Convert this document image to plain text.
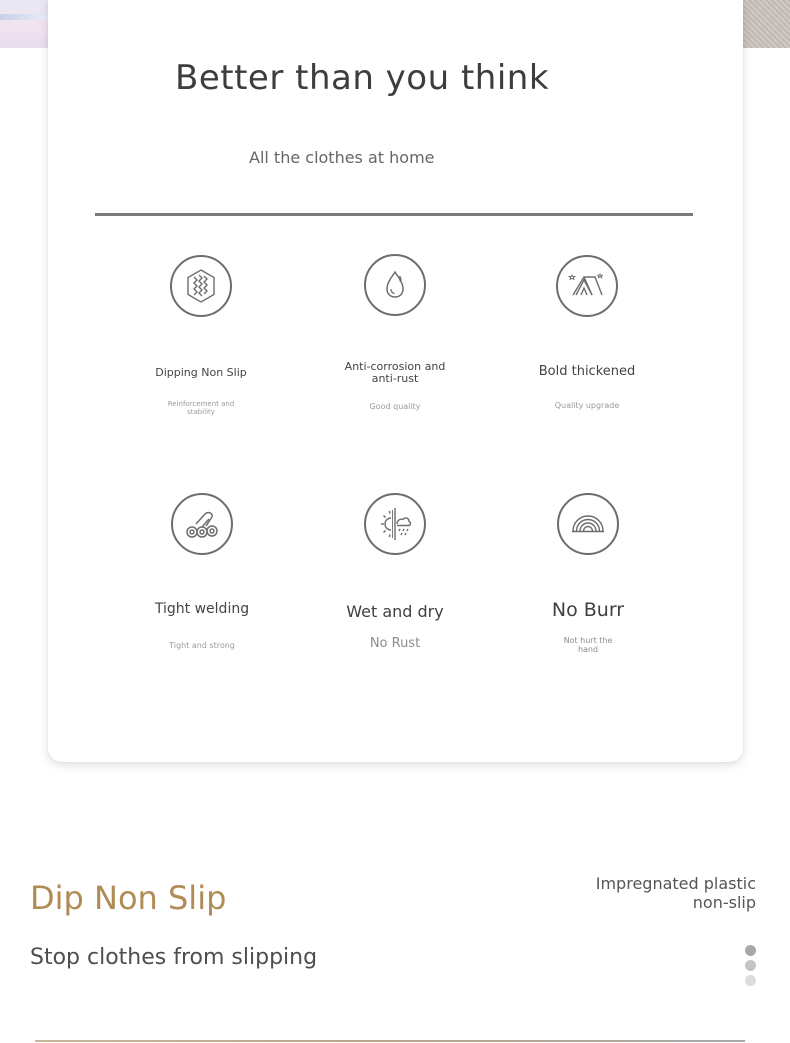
Better than you think
All the clothes at home
Dipping Non Slip
Reinforcement and stability
Anti-corrosion and anti-rust
Good quality
Bold thickened
Quality upgrade
Tight welding
Tight and strong
Wet and dry
No Rust
No Burr
Not hurt the hand
Dip Non Slip
Stop clothes from slipping
Impregnated plastic non-slip
